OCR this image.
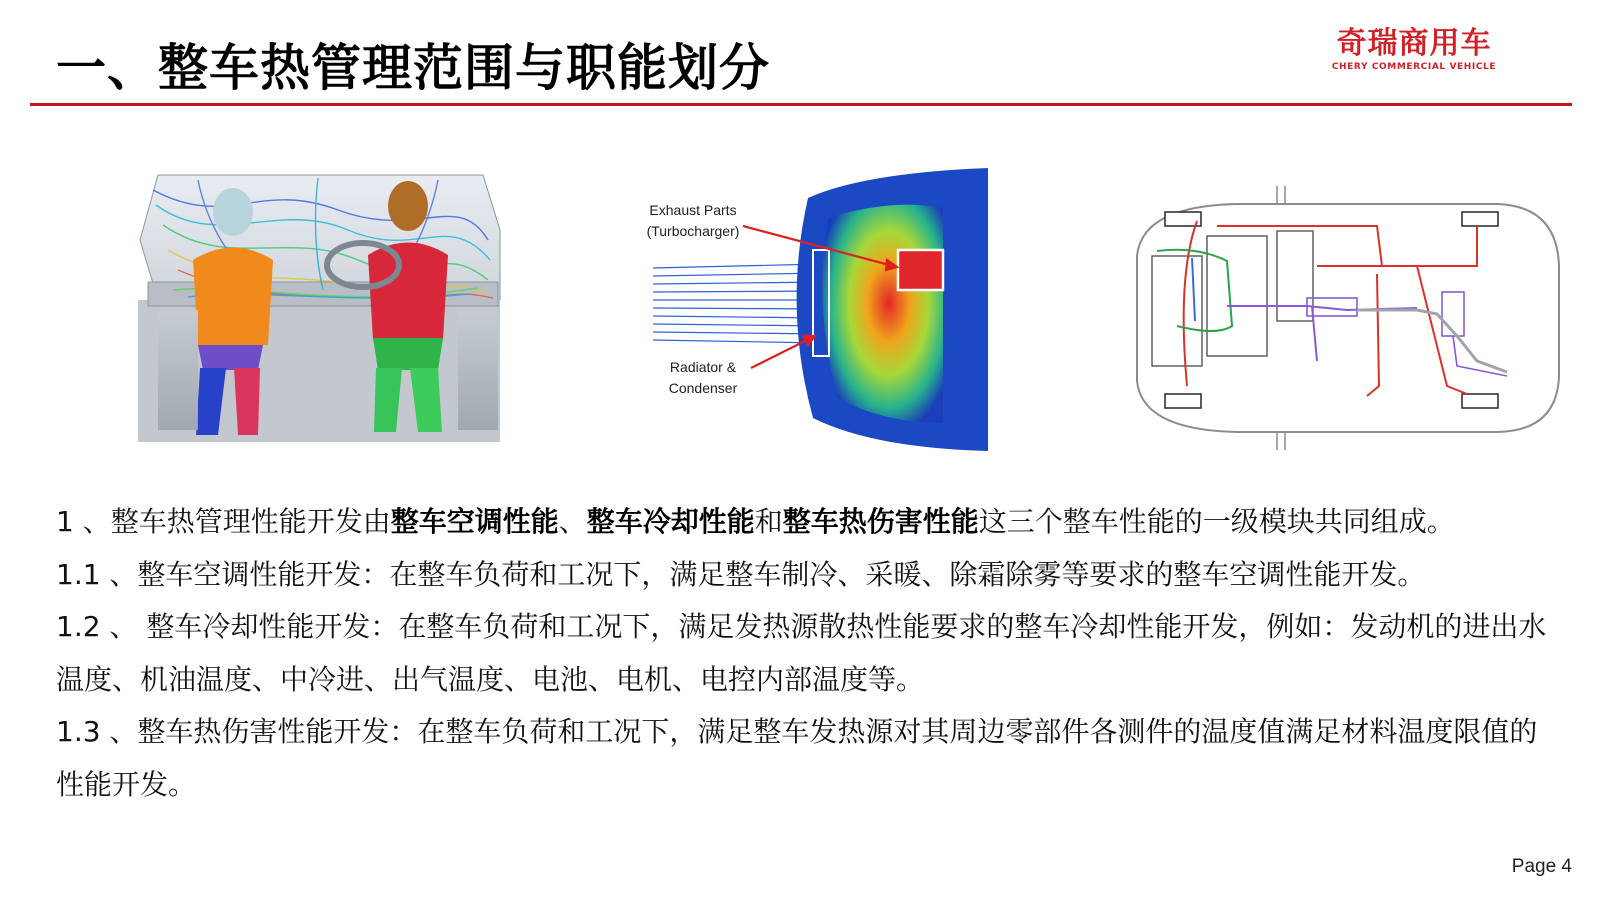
一、整车热管理范围与职能划分	奇瑞商用车
CHERY COMMERCIAL VEHICLE
Exhaust Parts
(Turbocharger)
Radiator &
Condenser

1 、整车热管理性能开发由整车空调性能、整车冷却性能和整车热伤害性能这三个整车性能的一级模块共同组成。

1.1 、整车空调性能开发：在整车负荷和工况下，满足整车制冷、采暖、除霜除雾等要求的整车空调性能开发。

1.2 、 整车冷却性能开发：在整车负荷和工况下，满足发热源散热性能要求的整车冷却性能开发，例如：发动机的进出水温度、机油温度、中冷进、出气温度、电池、电机、电控内部温度等。

1.3 、整车热伤害性能开发：在整车负荷和工况下，满足整车发热源对其周边零部件各测件的温度值满足材料温度限值的性能开发。

Page 4
